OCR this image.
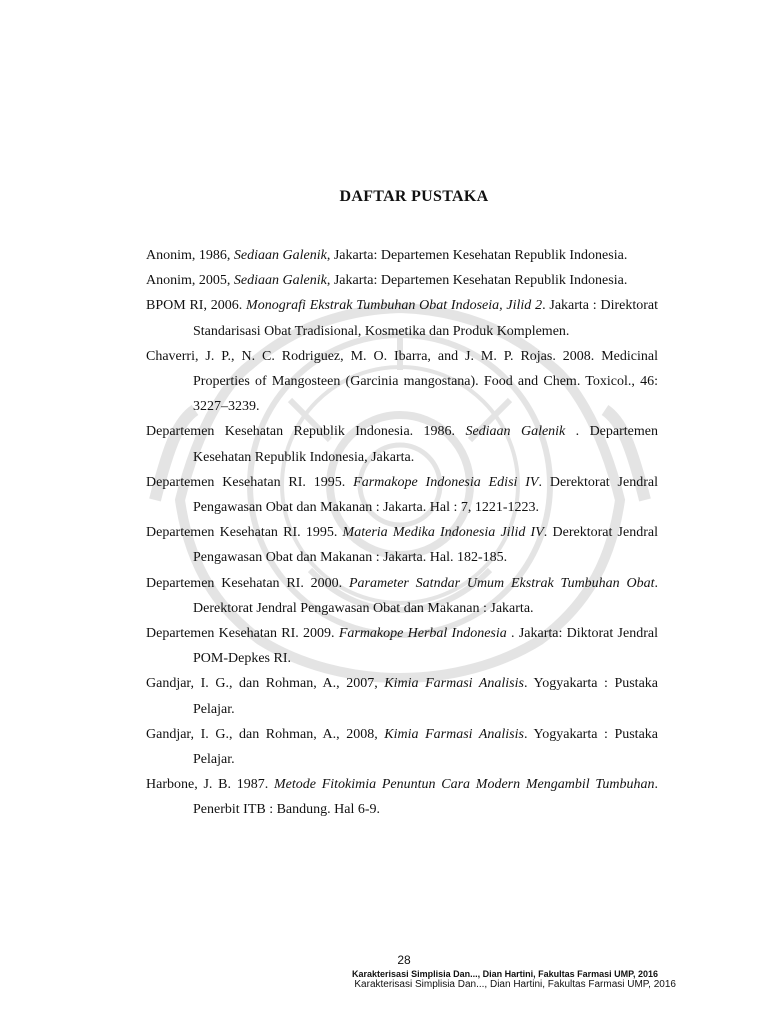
DAFTAR PUSTAKA

Anonim, 1986, Sediaan Galenik, Jakarta: Departemen Kesehatan Republik Indonesia.

Anonim, 2005, Sediaan Galenik, Jakarta: Departemen Kesehatan Republik Indonesia.

BPOM RI, 2006. Monografi Ekstrak Tumbuhan Obat Indoseia, Jilid 2. Jakarta : Direktorat Standarisasi Obat Tradisional, Kosmetika dan Produk Komplemen.

Chaverri, J. P., N. C. Rodriguez, M. O. Ibarra, and J. M. P. Rojas. 2008. Medicinal Properties of Mangosteen (Garcinia mangostana). Food and Chem. Toxicol., 46: 3227–3239.

Departemen Kesehatan Republik Indonesia. 1986. Sediaan Galenik . Departemen Kesehatan Republik Indonesia, Jakarta.

Departemen Kesehatan RI. 1995. Farmakope Indonesia Edisi IV. Derektorat Jendral Pengawasan Obat dan Makanan : Jakarta. Hal : 7, 1221-1223.

Departemen Kesehatan RI. 1995. Materia Medika Indonesia Jilid IV. Derektorat Jendral Pengawasan Obat dan Makanan : Jakarta. Hal. 182-185.

Departemen Kesehatan RI. 2000. Parameter Satndar Umum Ekstrak Tumbuhan Obat. Derektorat Jendral Pengawasan Obat dan Makanan : Jakarta.

Departemen Kesehatan RI. 2009. Farmakope Herbal Indonesia . Jakarta: Diktorat Jendral POM-Depkes RI.

Gandjar, I. G., dan Rohman, A., 2007, Kimia Farmasi Analisis. Yogyakarta : Pustaka Pelajar.

Gandjar, I. G., dan Rohman, A., 2008, Kimia Farmasi Analisis. Yogyakarta : Pustaka Pelajar.

Harbone, J. B. 1987. Metode Fitokimia Penuntun Cara Modern Mengambil Tumbuhan. Penerbit ITB : Bandung. Hal 6-9.

28
Karakterisasi Simplisia Dan..., Dian Hartini, Fakultas Farmasi UMP, 2016
Karakterisasi Simplisia Dan..., Dian Hartini, Fakultas Farmasi UMP, 2016
